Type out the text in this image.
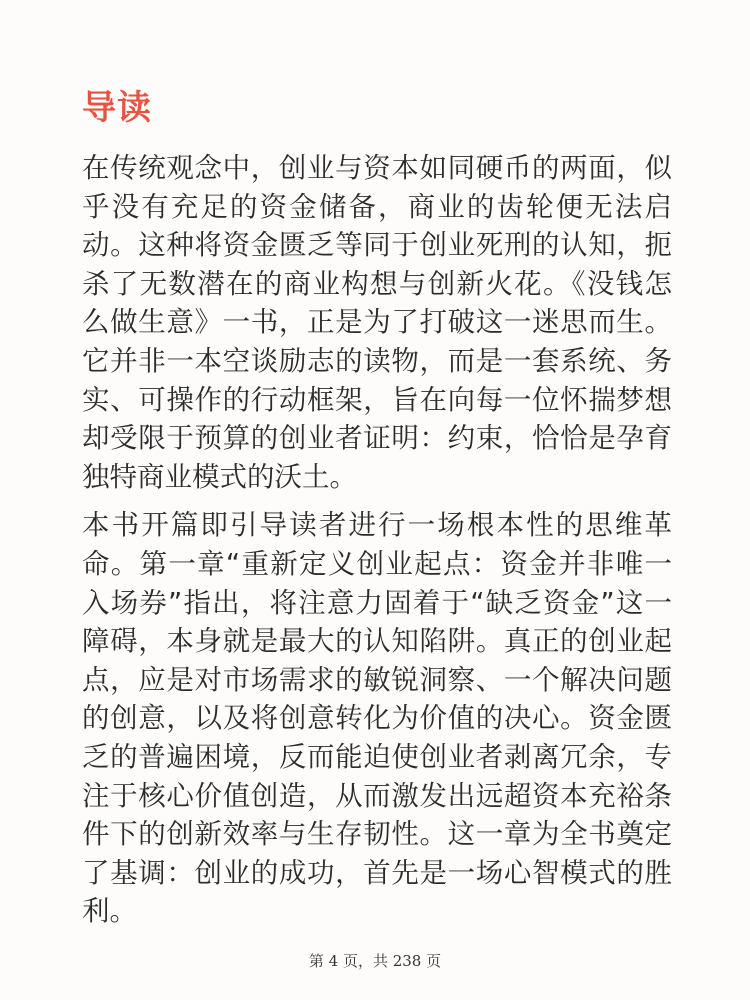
导读

在传统观念中，创业与资本如同硬币的两面，似乎没有充足的资金储备，商业的齿轮便无法启动。这种将资金匮乏等同于创业死刑的认知，扼杀了无数潜在的商业构想与创新火花。《没钱怎么做生意》一书，正是为了打破这一迷思而生。它并非一本空谈励志的读物，而是一套系统、务实、可操作的行动框架，旨在向每一位怀揣梦想却受限于预算的创业者证明：约束，恰恰是孕育独特商业模式的沃土。

本书开篇即引导读者进行一场根本性的思维革命。第一章“重新定义创业起点：资金并非唯一入场券”指出，将注意力固着于“缺乏资金”这一障碍，本身就是最大的认知陷阱。真正的创业起点，应是对市场需求的敏锐洞察、一个解决问题的创意，以及将创意转化为价值的决心。资金匮乏的普遍困境，反而能迫使创业者剥离冗余，专注于核心价值创造，从而激发出远超资本充裕条件下的创新效率与生存韧性。这一章为全书奠定了基调：创业的成功，首先是一场心智模式的胜利。

第 4 页，共 238 页
